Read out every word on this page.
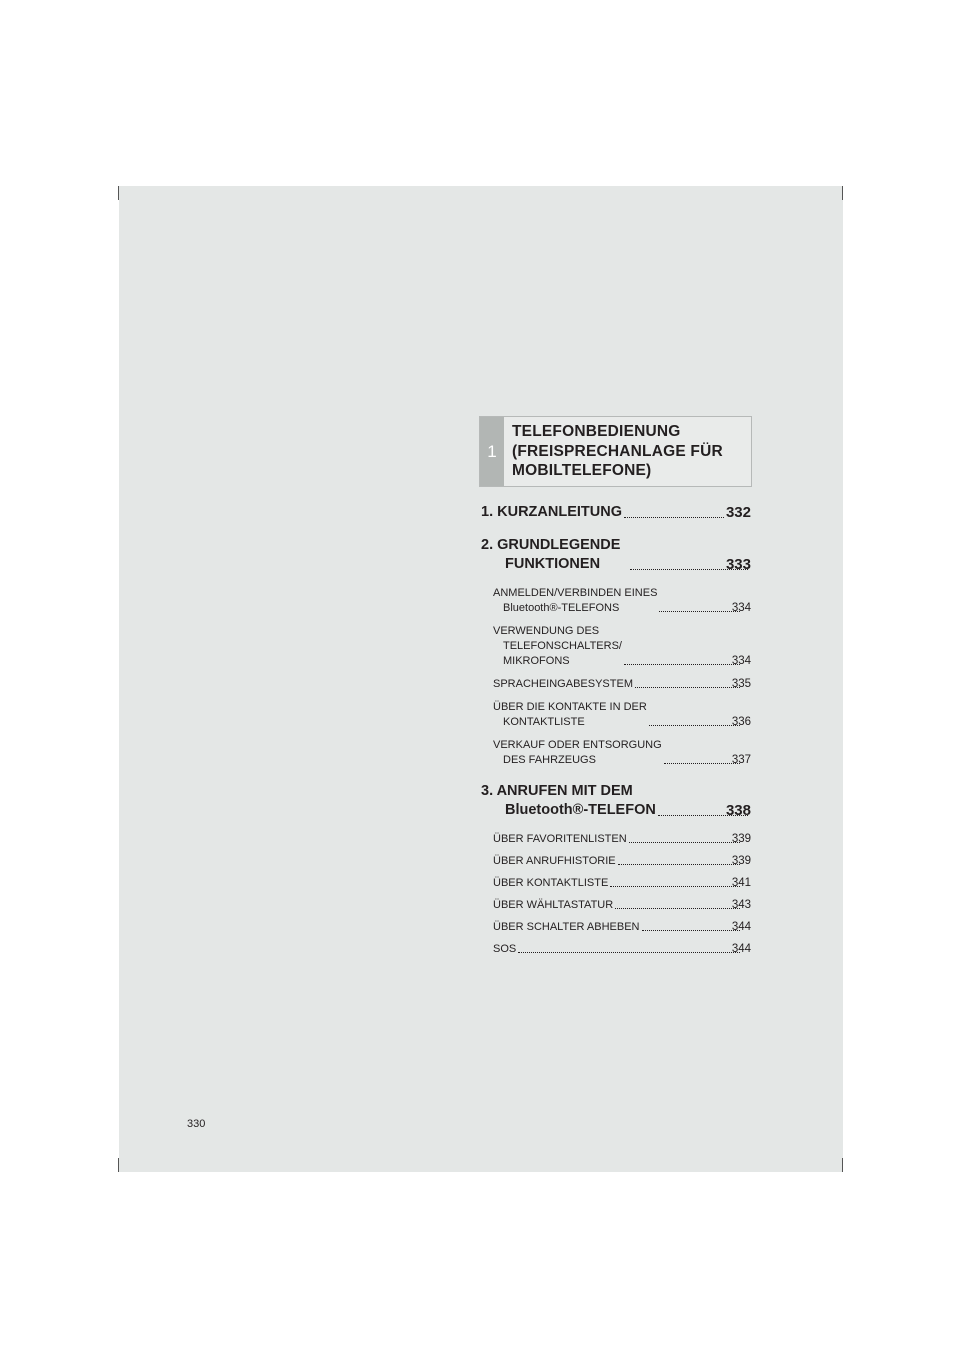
1
TELEFONBEDIENUNG
(FREISPRECHANLAGE FÜR
MOBILTELEFONE)
1. KURZANLEITUNG	332
2. GRUNDLEGENDE
FUNKTIONEN	333
ANMELDEN/VERBINDEN EINES
Bluetooth®-TELEFONS	334
VERWENDUNG DES
TELEFONSCHALTERS/
MIKROFONS	334
SPRACHEINGABESYSTEM	335
ÜBER DIE KONTAKTE IN DER
KONTAKTLISTE	336
VERKAUF ODER ENTSORGUNG
DES FAHRZEUGS	337
3. ANRUFEN MIT DEM
Bluetooth®-TELEFON	338
ÜBER FAVORITENLISTEN	339
ÜBER ANRUFHISTORIE	339
ÜBER KONTAKTLISTE	341
ÜBER WÄHLTASTATUR	343
ÜBER SCHALTER ABHEBEN	344
SOS	344
330
